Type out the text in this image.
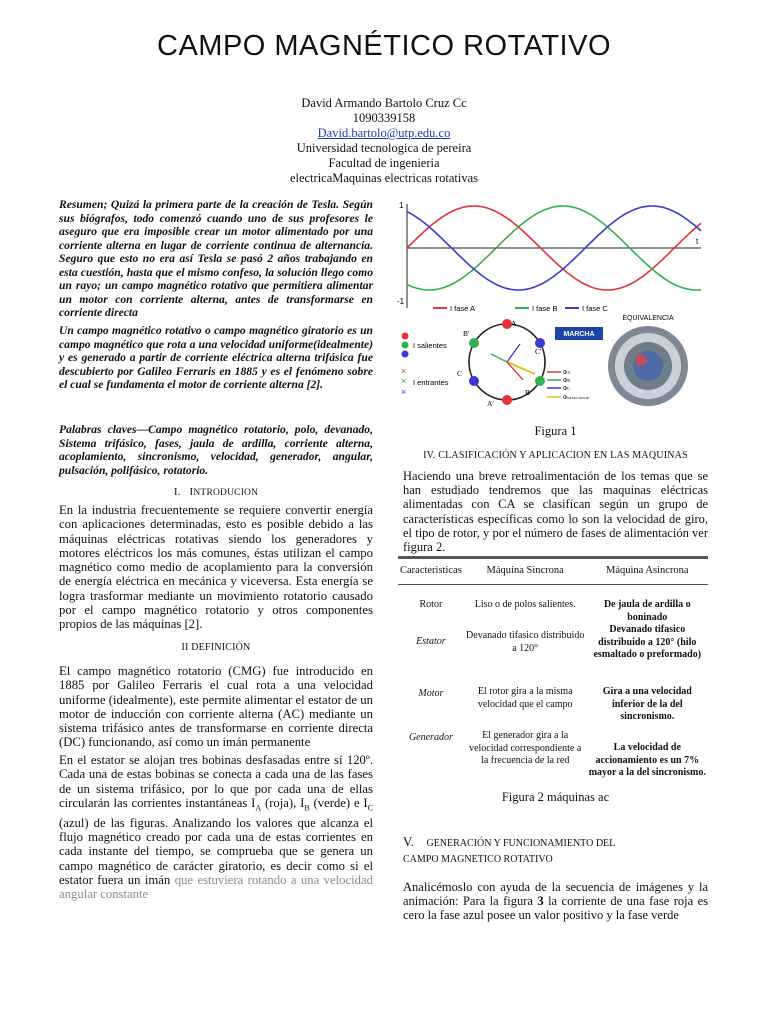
CAMPO MAGNÉTICO ROTATIVO
David Armando Bartolo Cruz Cc
1090339158
David.bartolo@utp.edu.co
Universidad tecnologica de pereira
Facultad de ingenieria
electricaMaquinas electricas rotativas
Resumen; Quizá la primera parte de la creación de Tesla. Según sus biógrafos, todo comenzó cuando uno de sus profesores le aseguro que era imposible crear un motor alimentado por una corriente alterna en lugar de corriente continua de alternancia. Seguro que esto no era así Tesla se pasó 2 años trabajando en esta cuestión, hasta que el mismo confeso, la solución llego como un rayo; un campo magnético rotativo que permitiera alimentar un motor con corriente alterna, antes de transformarse en corriente directa
Un campo magnético rotativo o campo magnético giratorio es un campo magnético que rota a una velocidad uniforme(idealmente) y es generado a partir de corriente eléctrica alterna trifásica fue descubierto por Galileo Ferraris en 1885 y es el fenómeno sobre el cual se fundamenta el motor de corriente alterna [2].
Palabras claves—Campo magnético rotatorio, polo, devanado, Sistema trifásico, fases, jaula de ardilla, corriente alterna, acoplamiento, sincronismo, velocidad, generador, angular, pulsación, polifásico, rotatorio.
I. INTRODUCION
En la industria frecuentemente se requiere convertir energía con aplicaciones determinadas, esto es posible debido a las máquinas eléctricas rotativas siendo los generadores y motores eléctricos los más comunes, éstas utilizan el campo magnético como medio de acoplamiento para la conversión de energía eléctrica en mecánica y viceversa. Esta energía se logra trasformar mediante un movimiento rotatorio causado por el campo magnético rotatorio y otros componentes propios de las máquinas [2].
II DEFINICIÓN
El campo magnético rotatorio (CMG) fue introducido en 1885 por Galileo Ferraris el cual rota a una velocidad uniforme (idealmente), este permite alimentar el estator de un motor de inducción con corriente alterna (AC) mediante un sistema trifásico antes de transformarse en corriente directa (DC) funcionando, así como un imán permanente
En el estator se alojan tres bobinas desfasadas entre sí 120º. Cada una de estas bobinas se conecta a cada una de las fases de un sistema trifásico, por lo que por cada una de ellas circularán las corrientes instantáneas $I_A$ (roja), $I_B$ (verde) e $I_C$ (azul) de las figuras. Analizando los valores que alcanza el flujo magnético creado por cada una de estas corrientes en cada instante del tiempo, se comprueba que se genera un campo magnético de carácter giratorio, es decir como si el estator fuera un imán que estuviera rotando a una velocidad angular constante
1
-1
t
I fase A	I fase B	I fase C
I salientes
×
×
×
I entrantes
A
C'
B
A'
C
B'
ΦA
ΦB
ΦC
ΦRESULTANTE
MARCHA
EQUIVALENCIA
Figura 1
IV. CLASIFICACIÓN Y APLICACION EN LAS MAQUINAS
Haciendo una breve retroalimentación de los temas que se han estudiado tendremos que las maquinas eléctricas alimentadas con CA se clasifican según un grupo de características específicas como lo son la velocidad de giro, el tipo de rotor, y por el número de fases de alimentación ver figura 2.
Caracteristicas	Máquina Sincrona	Máquina Asincrona
Rotor	Liso o de polos salientes.	De jaula de ardilla o boninado
Estator	Devanado tifasico distribuido a 120°	Devanado tifasico distribuido a 120° (hilo esmaltado o preformado)
Motor	El rotor gira a la misma velocidad que el campo	Gira a una velocidad inferior de la del sincronismo.
Generador	El generador gira a la velocidad correspondiente a la frecuencia de la red	La velocidad de accionamiento es un 7% mayor a la del sincronismo.
Figura 2 máquinas ac
V. GENERACIÓN Y FUNCIONAMIENTO DEL
CAMPO MAGNETICO ROTATIVO
Analicémoslo con ayuda de la secuencia de imágenes y la animación: Para la figura 3 la corriente de una fase roja es cero la fase azul posee un valor positivo y la fase verde
